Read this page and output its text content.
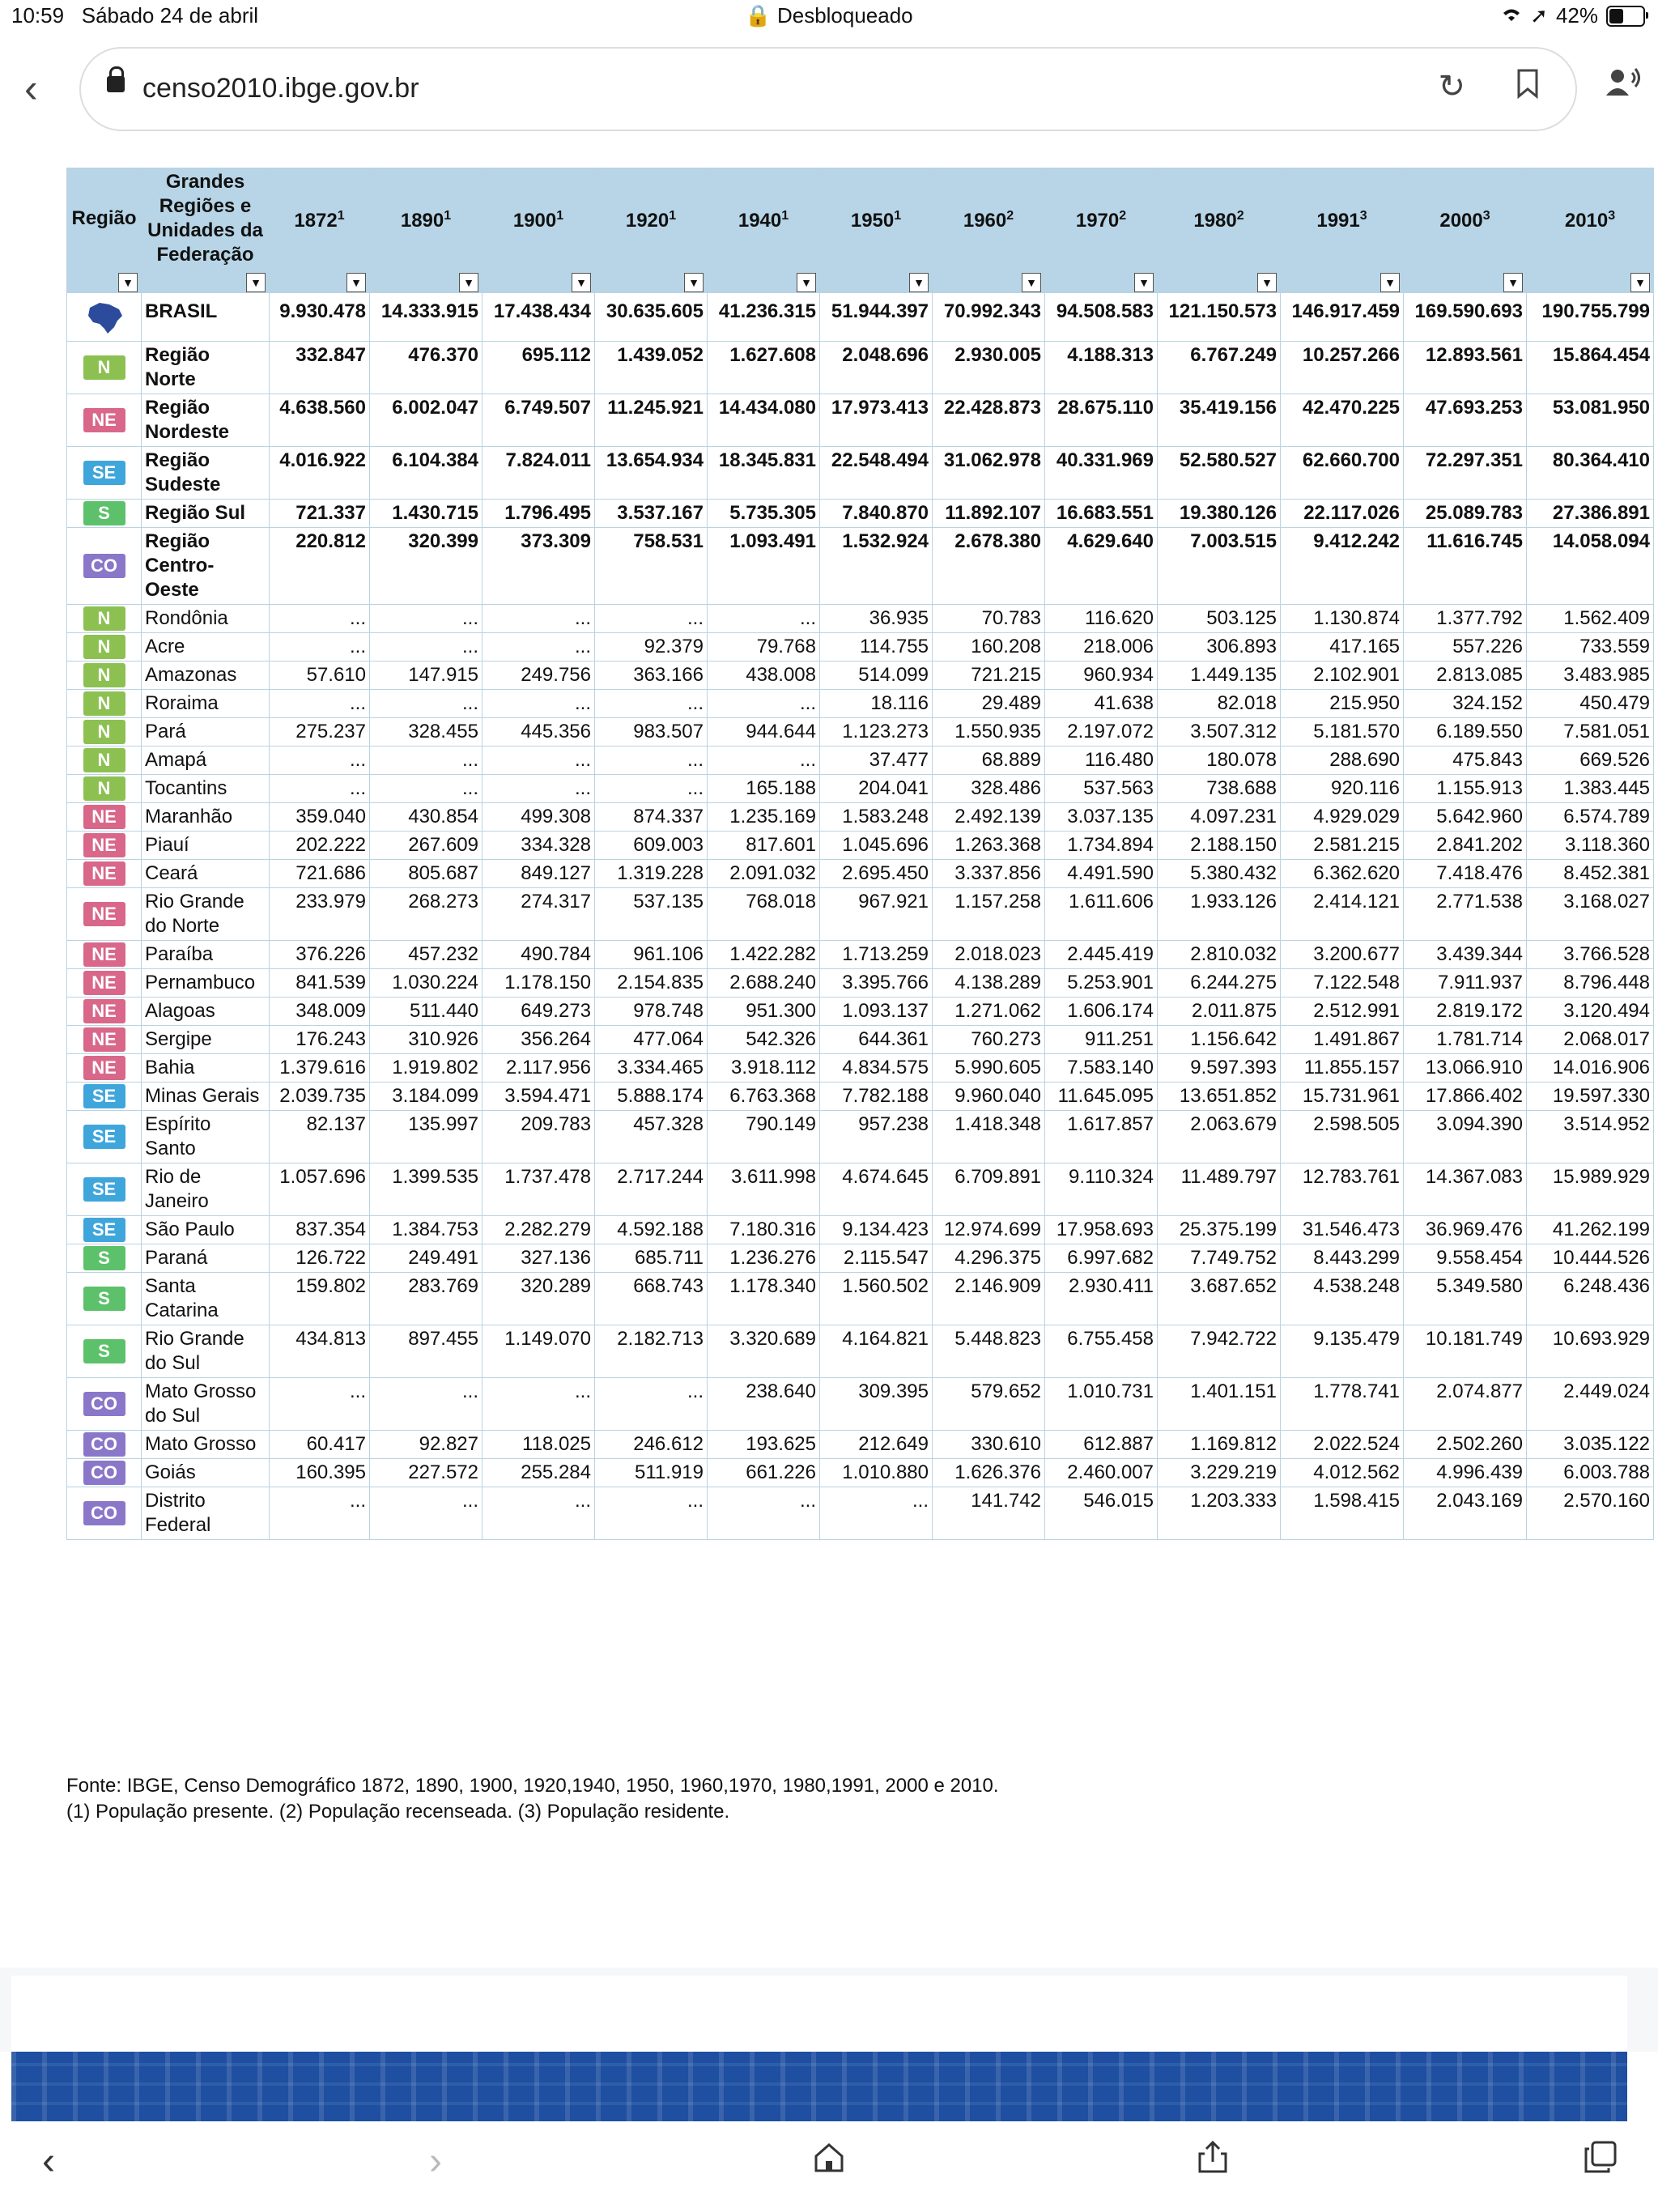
10:59 Sábado 24 de abril	🔒 Desbloqueado	➚ 42%
‹	censo2010.ibge.gov.br	↻
Região	Grandes Regiões e Unidades da Federação	1872$^1$	1890$^1$	1900$^1$	1920$^1$	1940$^1$	1950$^1$	1960$^2$	1970$^2$	1980$^2$	1991$^3$	2000$^3$	2010$^3$
▼	▼	▼	▼	▼	▼	▼	▼	▼	▼	▼	▼	▼	▼
	BRASIL	9.930.478	14.333.915	17.438.434	30.635.605	41.236.315	51.944.397	70.992.343	94.508.583	121.150.573	146.917.459	169.590.693	190.755.799
N	Região Norte	332.847	476.370	695.112	1.439.052	1.627.608	2.048.696	2.930.005	4.188.313	6.767.249	10.257.266	12.893.561	15.864.454
NE	Região Nordeste	4.638.560	6.002.047	6.749.507	11.245.921	14.434.080	17.973.413	22.428.873	28.675.110	35.419.156	42.470.225	47.693.253	53.081.950
SE	Região Sudeste	4.016.922	6.104.384	7.824.011	13.654.934	18.345.831	22.548.494	31.062.978	40.331.969	52.580.527	62.660.700	72.297.351	80.364.410
S	Região Sul	721.337	1.430.715	1.796.495	3.537.167	5.735.305	7.840.870	11.892.107	16.683.551	19.380.126	22.117.026	25.089.783	27.386.891
CO	Região Centro-Oeste	220.812	320.399	373.309	758.531	1.093.491	1.532.924	2.678.380	4.629.640	7.003.515	9.412.242	11.616.745	14.058.094
N	Rondônia	...	...	...	...	...	36.935	70.783	116.620	503.125	1.130.874	1.377.792	1.562.409
N	Acre	...	...	...	92.379	79.768	114.755	160.208	218.006	306.893	417.165	557.226	733.559
N	Amazonas	57.610	147.915	249.756	363.166	438.008	514.099	721.215	960.934	1.449.135	2.102.901	2.813.085	3.483.985
N	Roraima	...	...	...	...	...	18.116	29.489	41.638	82.018	215.950	324.152	450.479
N	Pará	275.237	328.455	445.356	983.507	944.644	1.123.273	1.550.935	2.197.072	3.507.312	5.181.570	6.189.550	7.581.051
N	Amapá	...	...	...	...	...	37.477	68.889	116.480	180.078	288.690	475.843	669.526
N	Tocantins	...	...	...	...	165.188	204.041	328.486	537.563	738.688	920.116	1.155.913	1.383.445
NE	Maranhão	359.040	430.854	499.308	874.337	1.235.169	1.583.248	2.492.139	3.037.135	4.097.231	4.929.029	5.642.960	6.574.789
NE	Piauí	202.222	267.609	334.328	609.003	817.601	1.045.696	1.263.368	1.734.894	2.188.150	2.581.215	2.841.202	3.118.360
NE	Ceará	721.686	805.687	849.127	1.319.228	2.091.032	2.695.450	3.337.856	4.491.590	5.380.432	6.362.620	7.418.476	8.452.381
NE	Rio Grande do Norte	233.979	268.273	274.317	537.135	768.018	967.921	1.157.258	1.611.606	1.933.126	2.414.121	2.771.538	3.168.027
NE	Paraíba	376.226	457.232	490.784	961.106	1.422.282	1.713.259	2.018.023	2.445.419	2.810.032	3.200.677	3.439.344	3.766.528
NE	Pernambuco	841.539	1.030.224	1.178.150	2.154.835	2.688.240	3.395.766	4.138.289	5.253.901	6.244.275	7.122.548	7.911.937	8.796.448
NE	Alagoas	348.009	511.440	649.273	978.748	951.300	1.093.137	1.271.062	1.606.174	2.011.875	2.512.991	2.819.172	3.120.494
NE	Sergipe	176.243	310.926	356.264	477.064	542.326	644.361	760.273	911.251	1.156.642	1.491.867	1.781.714	2.068.017
NE	Bahia	1.379.616	1.919.802	2.117.956	3.334.465	3.918.112	4.834.575	5.990.605	7.583.140	9.597.393	11.855.157	13.066.910	14.016.906
SE	Minas Gerais	2.039.735	3.184.099	3.594.471	5.888.174	6.763.368	7.782.188	9.960.040	11.645.095	13.651.852	15.731.961	17.866.402	19.597.330
SE	Espírito Santo	82.137	135.997	209.783	457.328	790.149	957.238	1.418.348	1.617.857	2.063.679	2.598.505	3.094.390	3.514.952
SE	Rio de Janeiro	1.057.696	1.399.535	1.737.478	2.717.244	3.611.998	4.674.645	6.709.891	9.110.324	11.489.797	12.783.761	14.367.083	15.989.929
SE	São Paulo	837.354	1.384.753	2.282.279	4.592.188	7.180.316	9.134.423	12.974.699	17.958.693	25.375.199	31.546.473	36.969.476	41.262.199
S	Paraná	126.722	249.491	327.136	685.711	1.236.276	2.115.547	4.296.375	6.997.682	7.749.752	8.443.299	9.558.454	10.444.526
S	Santa Catarina	159.802	283.769	320.289	668.743	1.178.340	1.560.502	2.146.909	2.930.411	3.687.652	4.538.248	5.349.580	6.248.436
S	Rio Grande do Sul	434.813	897.455	1.149.070	2.182.713	3.320.689	4.164.821	5.448.823	6.755.458	7.942.722	9.135.479	10.181.749	10.693.929
CO	Mato Grosso do Sul	...	...	...	...	238.640	309.395	579.652	1.010.731	1.401.151	1.778.741	2.074.877	2.449.024
CO	Mato Grosso	60.417	92.827	118.025	246.612	193.625	212.649	330.610	612.887	1.169.812	2.022.524	2.502.260	3.035.122
CO	Goiás	160.395	227.572	255.284	511.919	661.226	1.010.880	1.626.376	2.460.007	3.229.219	4.012.562	4.996.439	6.003.788
CO	Distrito Federal	...	...	...	...	...	...	141.742	546.015	1.203.333	1.598.415	2.043.169	2.570.160
Fonte: IBGE, Censo Demográfico 1872, 1890, 1900, 1920,1940, 1950, 1960,1970, 1980,1991, 2000 e 2010.
(1) População presente. (2) População recenseada. (3) População residente.
‹	›
